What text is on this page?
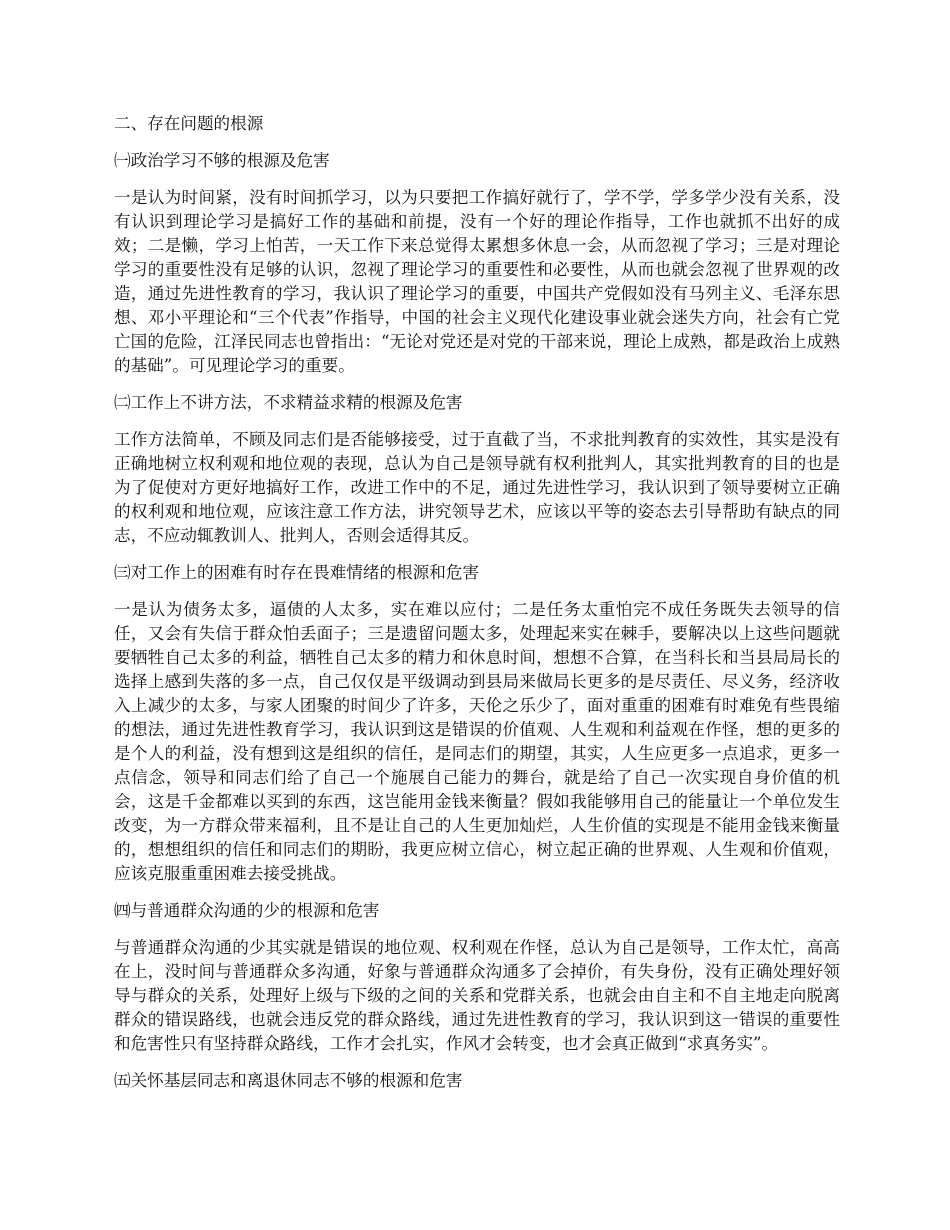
二、存在问题的根源

㈠政治学习不够的根源及危害

一是认为时间紧，没有时间抓学习，以为只要把工作搞好就行了，学不学，学多学少没有关系，没有认识到理论学习是搞好工作的基础和前提，没有一个好的理论作指导，工作也就抓不出好的成效；二是懒，学习上怕苦，一天工作下来总觉得太累想多休息一会，从而忽视了学习；三是对理论学习的重要性没有足够的认识，忽视了理论学习的重要性和必要性，从而也就会忽视了世界观的改造，通过先进性教育的学习，我认识了理论学习的重要，中国共产党假如没有马列主义、毛泽东思想、邓小平理论和“三个代表”作指导，中国的社会主义现代化建设事业就会迷失方向，社会有亡党亡国的危险，江泽民同志也曾指出：“无论对党还是对党的干部来说，理论上成熟，都是政治上成熟的基础”。可见理论学习的重要。

㈡工作上不讲方法，不求精益求精的根源及危害

工作方法简单，不顾及同志们是否能够接受，过于直截了当，不求批判教育的实效性，其实是没有正确地树立权利观和地位观的表现，总认为自己是领导就有权利批判人，其实批判教育的目的也是为了促使对方更好地搞好工作，改进工作中的不足，通过先进性学习，我认识到了领导要树立正确的权利观和地位观，应该注意工作方法，讲究领导艺术，应该以平等的姿态去引导帮助有缺点的同志，不应动辄教训人、批判人，否则会适得其反。

㈢对工作上的困难有时存在畏难情绪的根源和危害

一是认为债务太多，逼债的人太多，实在难以应付；二是任务太重怕完不成任务既失去领导的信任，又会有失信于群众怕丢面子；三是遗留问题太多，处理起来实在棘手，要解决以上这些问题就要牺牲自己太多的利益，牺牲自己太多的精力和休息时间，想想不合算，在当科长和当县局局长的选择上感到失落的多一点，自己仅仅是平级调动到县局来做局长更多的是尽责任、尽义务，经济收入上减少的太多，与家人团聚的时间少了许多，天伦之乐少了，面对重重的困难有时难免有些畏缩的想法，通过先进性教育学习，我认识到这是错误的价值观、人生观和利益观在作怪，想的更多的是个人的利益，没有想到这是组织的信任，是同志们的期望，其实，人生应更多一点追求，更多一点信念，领导和同志们给了自己一个施展自己能力的舞台，就是给了自己一次实现自身价值的机会，这是千金都难以买到的东西，这岂能用金钱来衡量？假如我能够用自己的能量让一个单位发生改变，为一方群众带来福利，且不是让自己的人生更加灿烂，人生价值的实现是不能用金钱来衡量的，想想组织的信任和同志们的期盼，我更应树立信心，树立起正确的世界观、人生观和价值观，应该克服重重困难去接受挑战。

㈣与普通群众沟通的少的根源和危害

与普通群众沟通的少其实就是错误的地位观、权利观在作怪，总认为自己是领导，工作太忙，高高在上，没时间与普通群众多沟通，好象与普通群众沟通多了会掉价，有失身份，没有正确处理好领导与群众的关系，处理好上级与下级的之间的关系和党群关系，也就会由自主和不自主地走向脱离群众的错误路线，也就会违反党的群众路线，通过先进性教育的学习，我认识到这一错误的重要性和危害性只有坚持群众路线，工作才会扎实，作风才会转变，也才会真正做到“求真务实”。

㈤关怀基层同志和离退休同志不够的根源和危害
